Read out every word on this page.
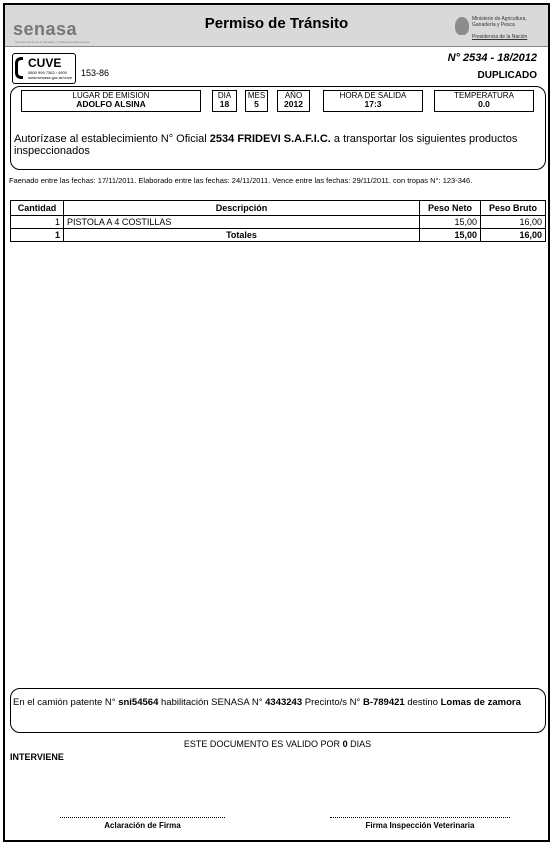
senasa
Servicio Nacional de Sanidad y Calidad Agroalimentaria
Permiso de Tránsito	Ministerio de Agricultura,
Ganadería y Pesca
Presidencia de la Nación
CUVE
0800 999 7362 / 4900
www.senasa.gov.ar/cuve 153-86
N° 2534 - 18/2012
DUPLICADO
LUGAR DE EMISION
ADOLFO ALSINA
DIA
18
MES
5
AÑO
2012
HORA DE SALIDA
17:3
TEMPERATURA
0.0
Autorízase al establecimiento N° Oficial 2534 FRIDEVI S.A.F.I.C. a transportar los siguientes productos inspeccionados
Faenado entre las fechas: 17/11/2011. Elaborado entre las fechas: 24/11/2011. Vence entre las fechas: 29/11/2011. con tropas N°: 123-346.
Cantidad	Descripción	Peso Neto	Peso Bruto
1	PISTOLA A 4 COSTILLAS	15,00	16,00
1	Totales	15,00	16,00
En el camión patente N° sni54564 habilitación SENASA N° 4343243 Precinto/s N° B-789421 destino Lomas de zamora
ESTE DOCUMENTO ES VALIDO POR 0 DIAS
INTERVIENE
Aclaración de Firma	Firma Inspección Veterinaria
